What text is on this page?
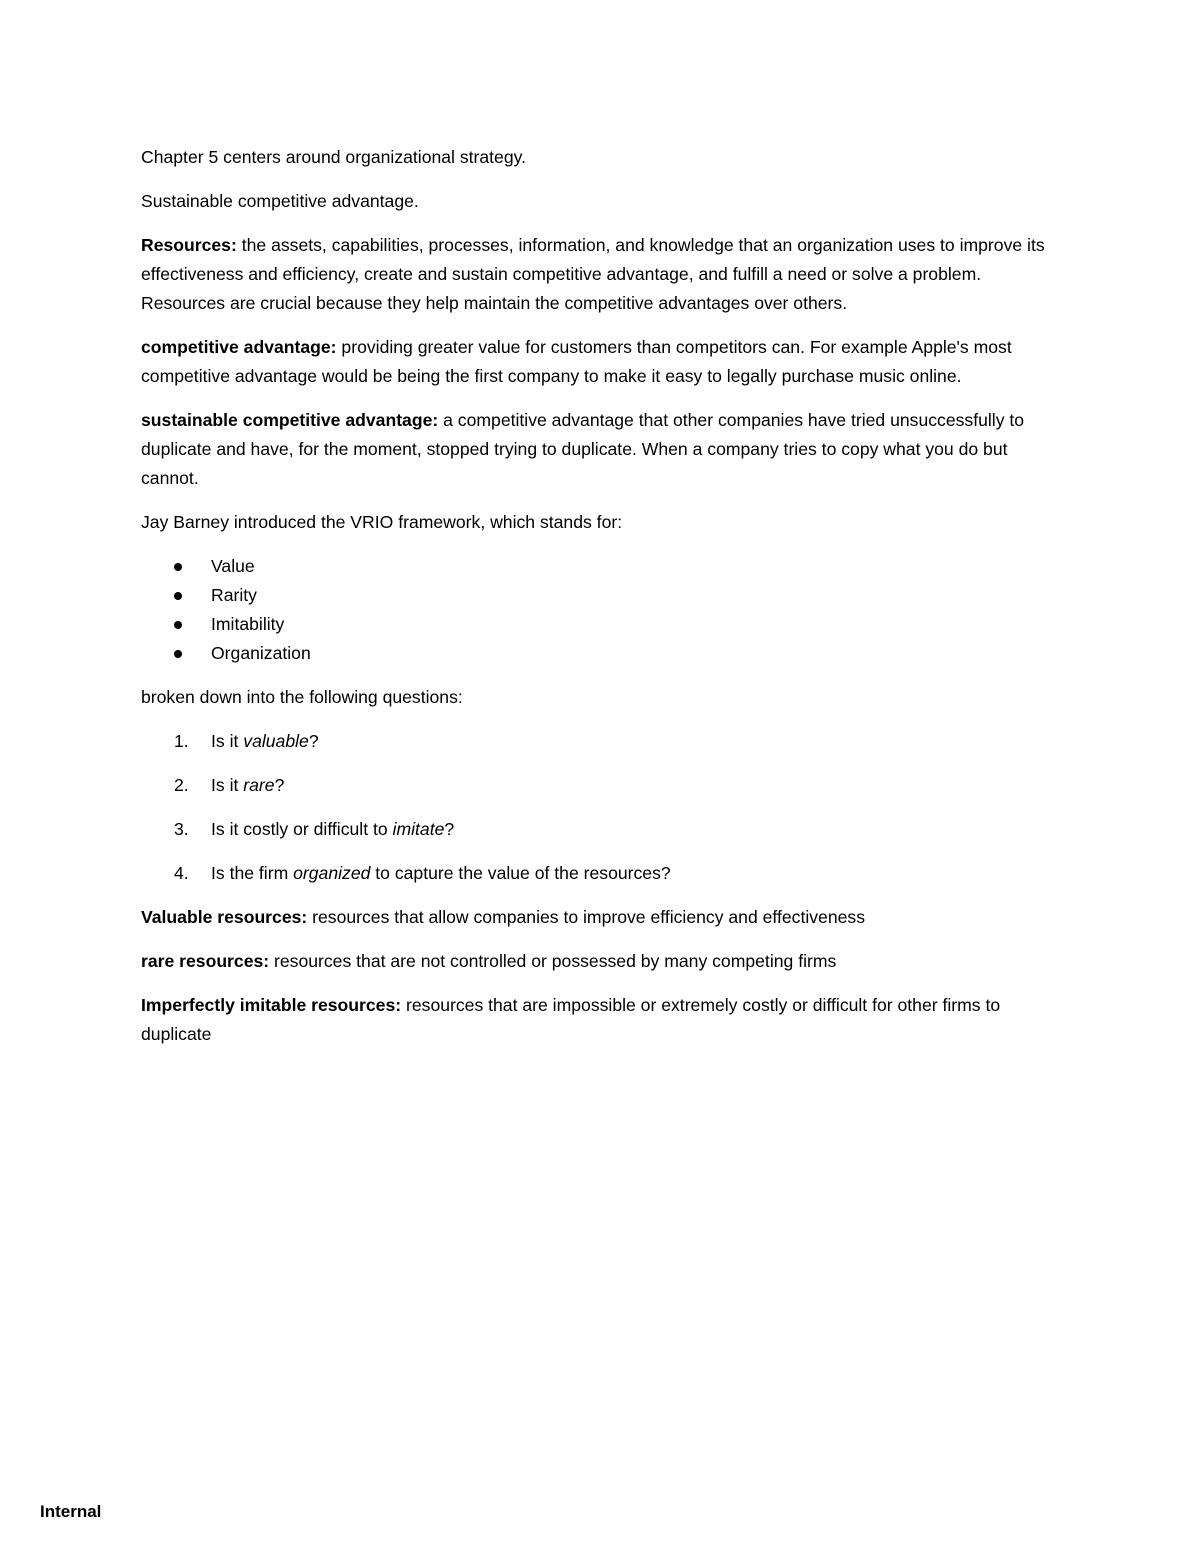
Chapter 5 centers around organizational strategy.

Sustainable competitive advantage.

Resources: the assets, capabilities, processes, information, and knowledge that an organization uses to improve its effectiveness and efficiency, create and sustain competitive advantage, and fulfill a need or solve a problem. Resources are crucial because they help maintain the competitive advantages over others.

competitive advantage: providing greater value for customers than competitors can. For example Apple's most competitive advantage would be being the first company to make it easy to legally purchase music online.

sustainable competitive advantage: a competitive advantage that other companies have tried unsuccessfully to duplicate and have, for the moment, stopped trying to duplicate. When a company tries to copy what you do but cannot.

Jay Barney introduced the VRIO framework, which stands for:

Value
Rarity
Imitability
Organization

broken down into the following questions:

1. Is it valuable?
2. Is it rare?
3. Is it costly or difficult to imitate?
4. Is the firm organized to capture the value of the resources?

Valuable resources: resources that allow companies to improve efficiency and effectiveness

rare resources: resources that are not controlled or possessed by many competing firms

Imperfectly imitable resources: resources that are impossible or extremely costly or difficult for other firms to duplicate

Internal
